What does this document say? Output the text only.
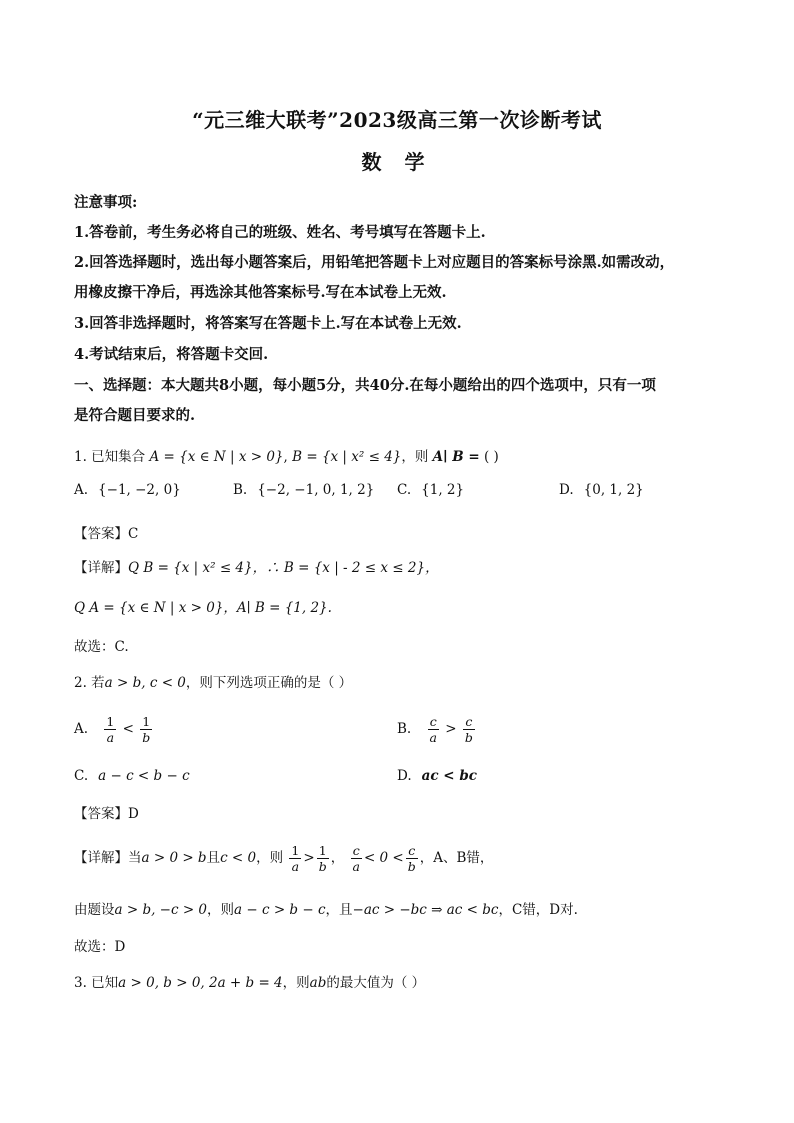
“元三维大联考”2023级高三第一次诊断考试
数 学
注意事项:
1.答卷前，考生务必将自己的班级、姓名、考号填写在答题卡上.
2.回答选择题时，选出每小题答案后，用铅笔把答题卡上对应题目的答案标号涂黑.如需改动，
用橡皮擦干净后，再选涂其他答案标号.写在本试卷上无效.
3.回答非选择题时，将答案写在答题卡上.写在本试卷上无效.
4.考试结束后，将答题卡交回.
一、选择题：本大题共8小题，每小题5分，共40分.在每小题给出的四个选项中，只有一项
是符合题目要求的.
1. 已知集合 A = {x ∈ N | x > 0}, B = {x | x² ≤ 4}，则 A∣ B = ( )
A. {−1, −2, 0}	B. {−2, −1, 0, 1, 2} C. {1, 2}	D. {0, 1, 2}
【答案】C
【详解】Q B = {x | x² ≤ 4}，∴ B = {x | - 2 ≤ x ≤ 2}，
Q A = {x ∈ N | x > 0}，A∣ B = {1, 2}.
故选：C.
2. 若a > b, c < 0，则下列选项正确的是（ ）
A. $\frac{1}{a} < \frac{1}{b}$	B. $\frac{c}{a} > \frac{c}{b}$
C. a − c < b − c	D. ac < bc
【答案】D
【详解】当a > 0 > b且c < 0，则 $\frac{1}{a} > \frac{1}{b}$ ， $\frac{c}{a} < 0 < \frac{c}{b}$ ，A、B错，
由题设a > b, −c > 0，则a − c > b − c，且−ac > −bc ⇒ ac < bc，C错，D对.
故选：D
3. 已知a > 0, b > 0, 2a + b = 4，则ab的最大值为（ ）
